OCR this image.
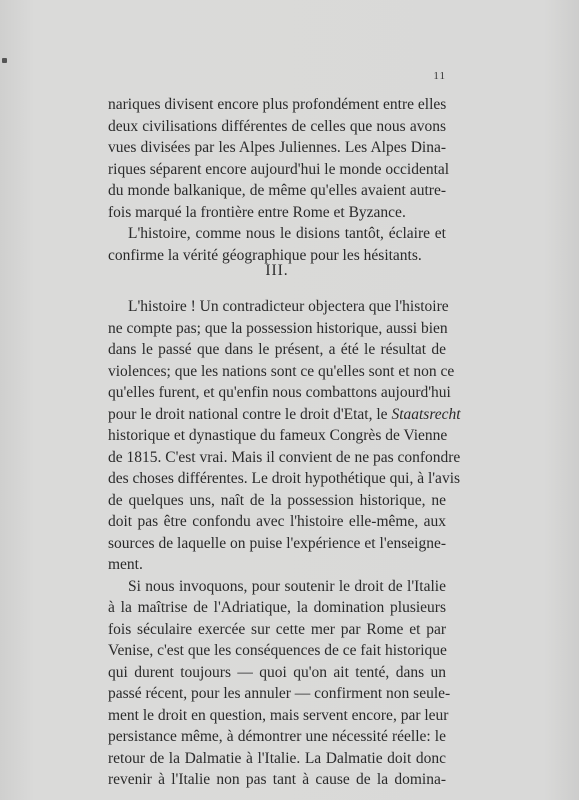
11
nariques divisent encore plus profondément entre elles
deux civilisations différentes de celles que nous avons
vues divisées par les Alpes Juliennes. Les Alpes Dina-
riques séparent encore aujourd'hui le monde occidental
du monde balkanique, de même qu'elles avaient autre-
fois marqué la frontière entre Rome et Byzance.
L'histoire, comme nous le disions tantôt, éclaire et
confirme la vérité géographique pour les hésitants.
III.
L'histoire ! Un contradicteur objectera que l'histoire
ne compte pas; que la possession historique, aussi bien
dans le passé que dans le présent, a été le résultat de
violences; que les nations sont ce qu'elles sont et non ce
qu'elles furent, et qu'enfin nous combattons aujourd'hui
pour le droit national contre le droit d'Etat, le Staatsrecht
historique et dynastique du fameux Congrès de Vienne
de 1815. C'est vrai. Mais il convient de ne pas confondre
des choses différentes. Le droit hypothétique qui, à l'avis
de quelques uns, naît de la possession historique, ne
doit pas être confondu avec l'histoire elle-même, aux
sources de laquelle on puise l'expérience et l'enseigne-
ment.
Si nous invoquons, pour soutenir le droit de l'Italie
à la maîtrise de l'Adriatique, la domination plusieurs
fois séculaire exercée sur cette mer par Rome et par
Venise, c'est que les conséquences de ce fait historique
qui durent toujours — quoi qu'on ait tenté, dans un
passé récent, pour les annuler — confirment non seule-
ment le droit en question, mais servent encore, par leur
persistance même, à démontrer une nécessité réelle: le
retour de la Dalmatie à l'Italie. La Dalmatie doit donc
revenir à l'Italie non pas tant à cause de la domina-
